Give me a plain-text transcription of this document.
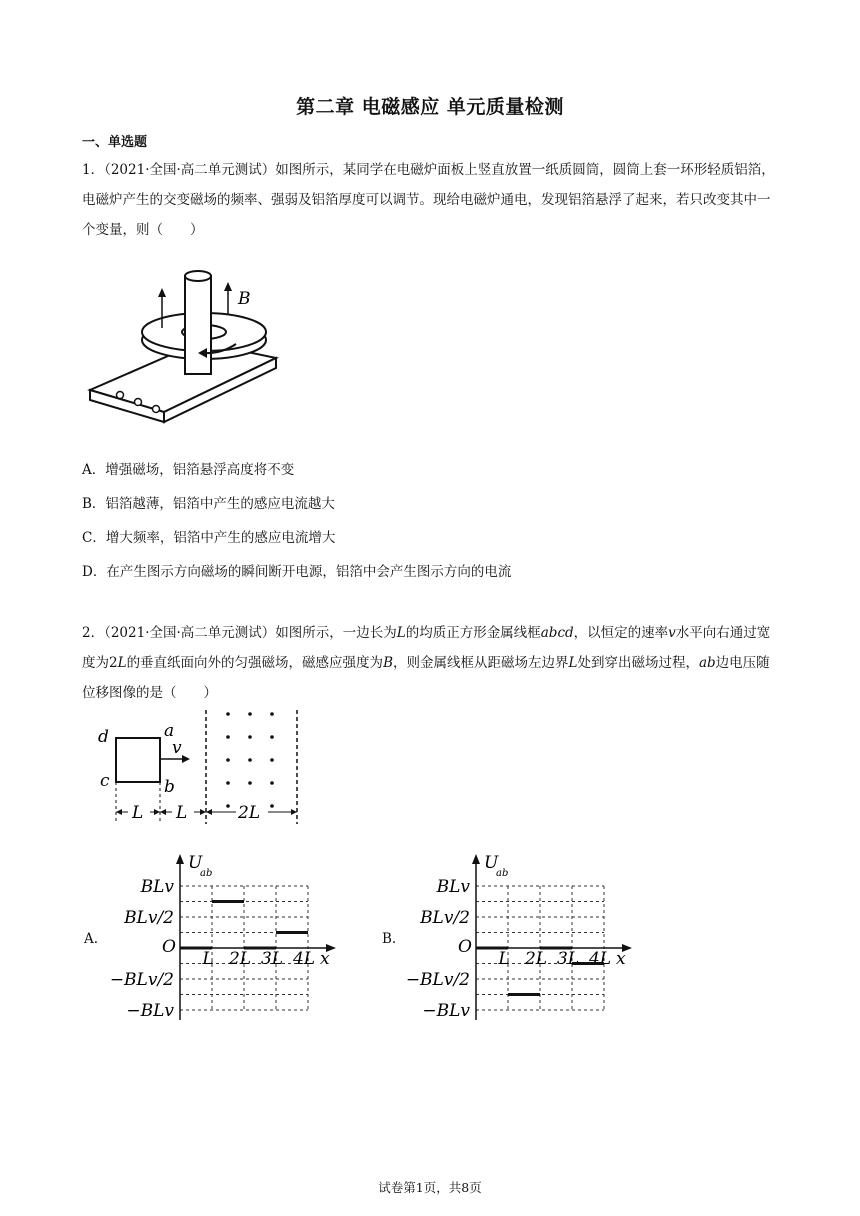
第二章 电磁感应 单元质量检测
一、单选题
1．（2021·全国·高二单元测试）如图所示，某同学在电磁炉面板上竖直放置一纸质圆筒，圆筒上套一环形轻质铝箔，电磁炉产生的交变磁场的频率、强弱及铝箔厚度可以调节。现给电磁炉通电，发现铝箔悬浮了起来，若只改变其中一个变量，则（　　）
B
A．增强磁场，铝箔悬浮高度将不变
B．铝箔越薄，铝箔中产生的感应电流越大
C．增大频率，铝箔中产生的感应电流增大
D．在产生图示方向磁场的瞬间断开电源，铝箔中会产生图示方向的电流
2．（2021·全国·高二单元测试）如图所示，一边长为L的均质正方形金属线框abcd，以恒定的速率v水平向右通过宽度为2L的垂直纸面向外的匀强磁场，磁感应强度为B，则金属线框从距磁场左边界L处到穿出磁场过程，ab边电压随位移图像的是（　　）
d	a
c	b
v
L L	2L
A.
U
ab
x
O
BLv
BLv/2
−BLv/2
−BLv
L 2L 3L 4L
B.
U
ab
x
O
BLv
BLv/2
−BLv/2
−BLv
L 2L 3L 4L
试卷第1页，共8页
